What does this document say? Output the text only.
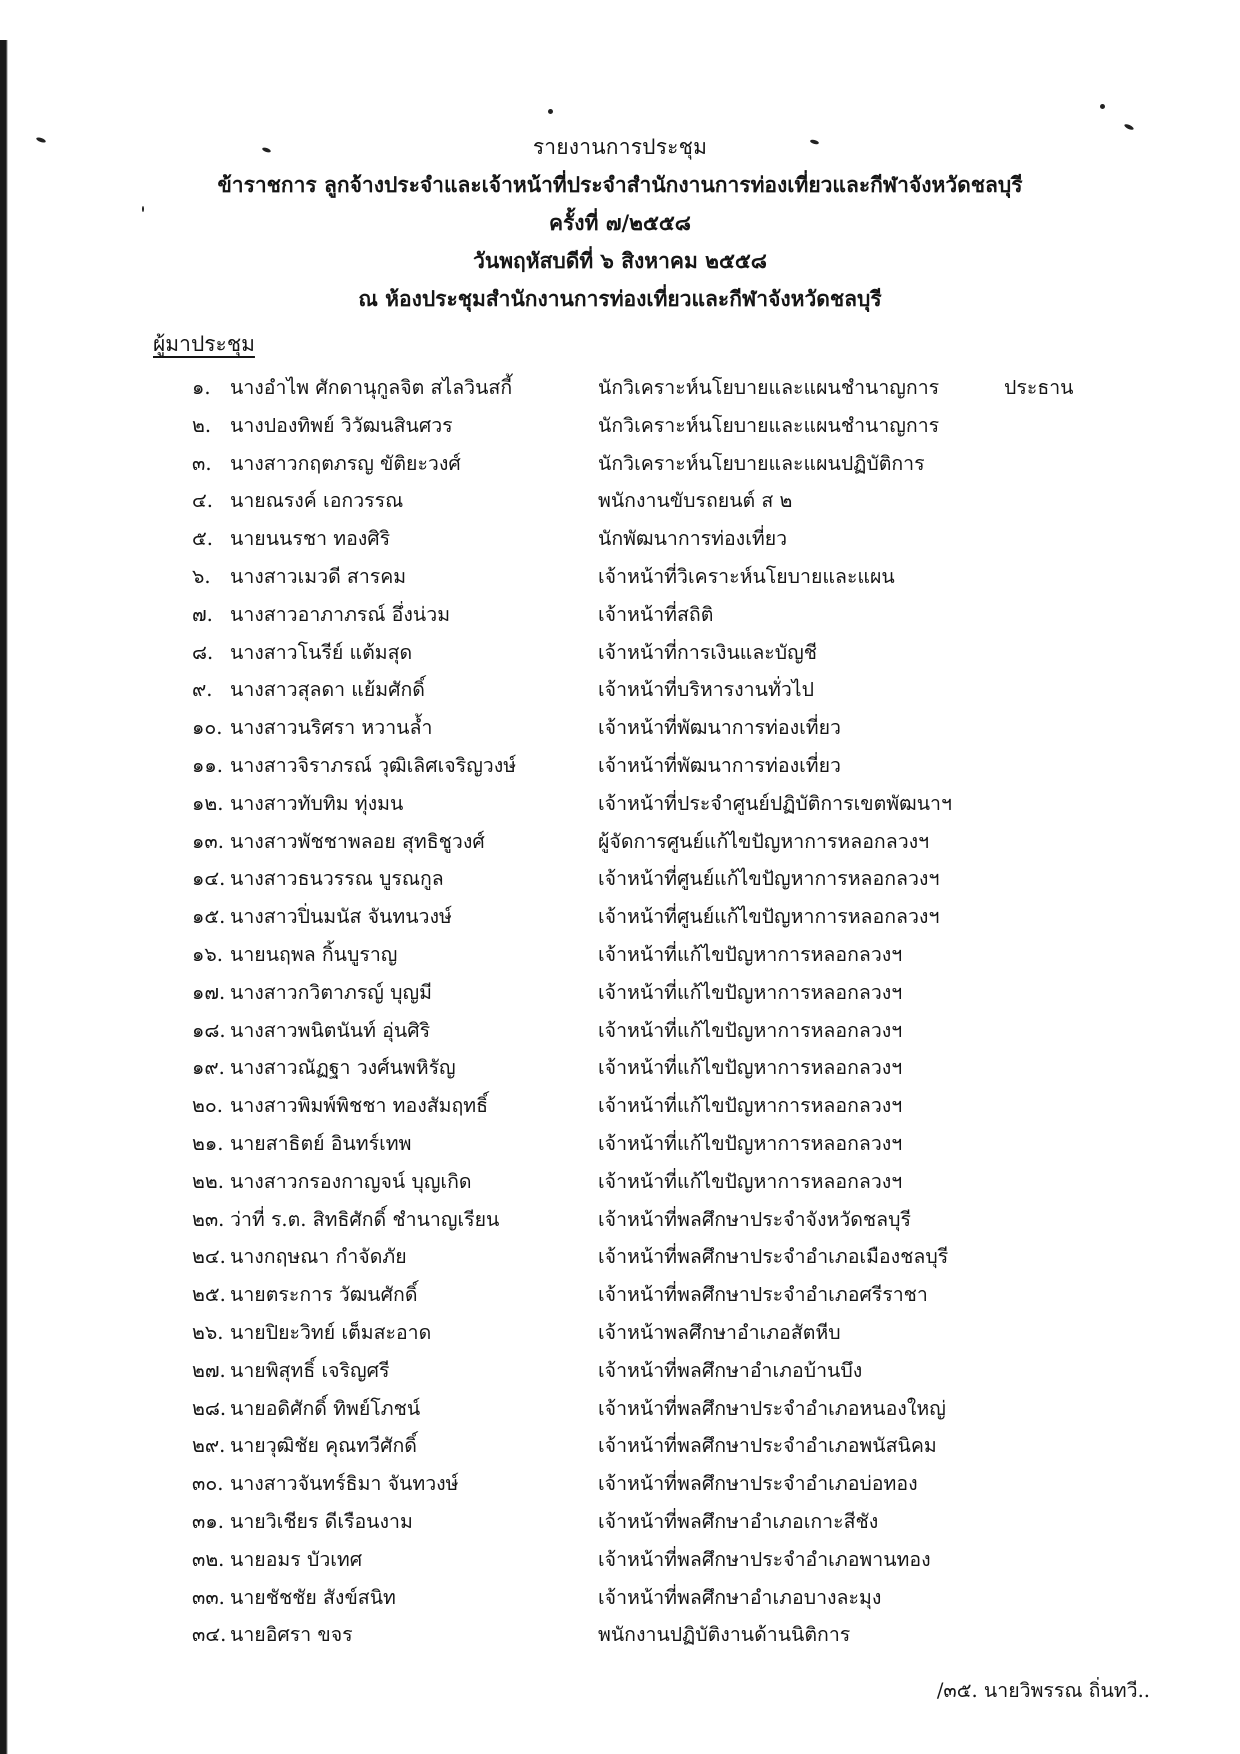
รายงานการประชุม
ข้าราชการ ลูกจ้างประจำและเจ้าหน้าที่ประจำสำนักงานการท่องเที่ยวและกีฬาจังหวัดชลบุรี
ครั้งที่ ๗/๒๕๕๘
วันพฤหัสบดีที่ ๖ สิงหาคม ๒๕๕๘
ณ ห้องประชุมสำนักงานการท่องเที่ยวและกีฬาจังหวัดชลบุรี
ผู้มาประชุม
๑. นางอำไพ ศักดานุกูลจิต สไลวินสกี้	นักวิเคราะห์นโยบายและแผนชำนาญการ	ประธาน
๒. นางปองทิพย์ วิวัฒนสินศวร	นักวิเคราะห์นโยบายและแผนชำนาญการ
๓. นางสาวกฤตภรญ ขัติยะวงศ์	นักวิเคราะห์นโยบายและแผนปฏิบัติการ
๔. นายณรงค์ เอกวรรณ	พนักงานขับรถยนต์ ส ๒
๕. นายนนรชา ทองศิริ	นักพัฒนาการท่องเที่ยว
๖. นางสาวเมวดี สารคม	เจ้าหน้าที่วิเคราะห์นโยบายและแผน
๗. นางสาวอาภาภรณ์ อึ่งน่วม	เจ้าหน้าที่สถิติ
๘. นางสาวโนรีย์ แต้มสุด	เจ้าหน้าที่การเงินและบัญชี
๙. นางสาวสุลดา แย้มศักดิ์	เจ้าหน้าที่บริหารงานทั่วไป
๑๐. นางสาวนริศรา หวานล้ำ	เจ้าหน้าที่พัฒนาการท่องเที่ยว
๑๑. นางสาวจิราภรณ์ วุฒิเลิศเจริญวงษ์	เจ้าหน้าที่พัฒนาการท่องเที่ยว
๑๒. นางสาวทับทิม ทุ่งมน	เจ้าหน้าที่ประจำศูนย์ปฏิบัติการเขตพัฒนาฯ
๑๓. นางสาวพัชชาพลอย สุทธิชูวงศ์	ผู้จัดการศูนย์แก้ไขปัญหาการหลอกลวงฯ
๑๔. นางสาวธนวรรณ บูรณกูล	เจ้าหน้าที่ศูนย์แก้ไขปัญหาการหลอกลวงฯ
๑๕. นางสาวปิ่นมนัส จันทนวงษ์	เจ้าหน้าที่ศูนย์แก้ไขปัญหาการหลอกลวงฯ
๑๖. นายนฤพล กิ้นบูราญ	เจ้าหน้าที่แก้ไขปัญหาการหลอกลวงฯ
๑๗. นางสาวกวิตาภรญ์ บุญมี	เจ้าหน้าที่แก้ไขปัญหาการหลอกลวงฯ
๑๘. นางสาวพนิตนันท์ อุ่นศิริ	เจ้าหน้าที่แก้ไขปัญหาการหลอกลวงฯ
๑๙. นางสาวณัฏฐา วงศ์นพหิรัญ	เจ้าหน้าที่แก้ไขปัญหาการหลอกลวงฯ
๒๐. นางสาวพิมพ์พิชชา ทองสัมฤทธิ์	เจ้าหน้าที่แก้ไขปัญหาการหลอกลวงฯ
๒๑. นายสาธิตย์ อินทร์เทพ	เจ้าหน้าที่แก้ไขปัญหาการหลอกลวงฯ
๒๒. นางสาวกรองกาญจน์ บุญเกิด	เจ้าหน้าที่แก้ไขปัญหาการหลอกลวงฯ
๒๓. ว่าที่ ร.ต. สิทธิศักดิ์ ชำนาญเรียน	เจ้าหน้าที่พลศึกษาประจำจังหวัดชลบุรี
๒๔. นางกฤษณา กำจัดภัย	เจ้าหน้าที่พลศึกษาประจำอำเภอเมืองชลบุรี
๒๕. นายตระการ วัฒนศักดิ์	เจ้าหน้าที่พลศึกษาประจำอำเภอศรีราชา
๒๖. นายปิยะวิทย์ เต็มสะอาด	เจ้าหน้าพลศึกษาอำเภอสัตหีบ
๒๗. นายพิสุทธิ์ เจริญศรี	เจ้าหน้าที่พลศึกษาอำเภอบ้านบึง
๒๘. นายอดิศักดิ์ ทิพย์โภชน์	เจ้าหน้าที่พลศึกษาประจำอำเภอหนองใหญ่
๒๙. นายวุฒิชัย คุณทวีศักดิ์	เจ้าหน้าที่พลศึกษาประจำอำเภอพนัสนิคม
๓๐. นางสาวจันทร์ธิมา จันทวงษ์	เจ้าหน้าที่พลศึกษาประจำอำเภอบ่อทอง
๓๑. นายวิเชียร ดีเรือนงาม	เจ้าหน้าที่พลศึกษาอำเภอเกาะสีชัง
๓๒. นายอมร บัวเทศ	เจ้าหน้าที่พลศึกษาประจำอำเภอพานทอง
๓๓. นายชัชชัย สังข์สนิท	เจ้าหน้าที่พลศึกษาอำเภอบางละมุง
๓๔. นายอิศรา ขจร	พนักงานปฏิบัติงานด้านนิติการ
/๓๕. นายวิพรรณ ถิ่นทวี..
